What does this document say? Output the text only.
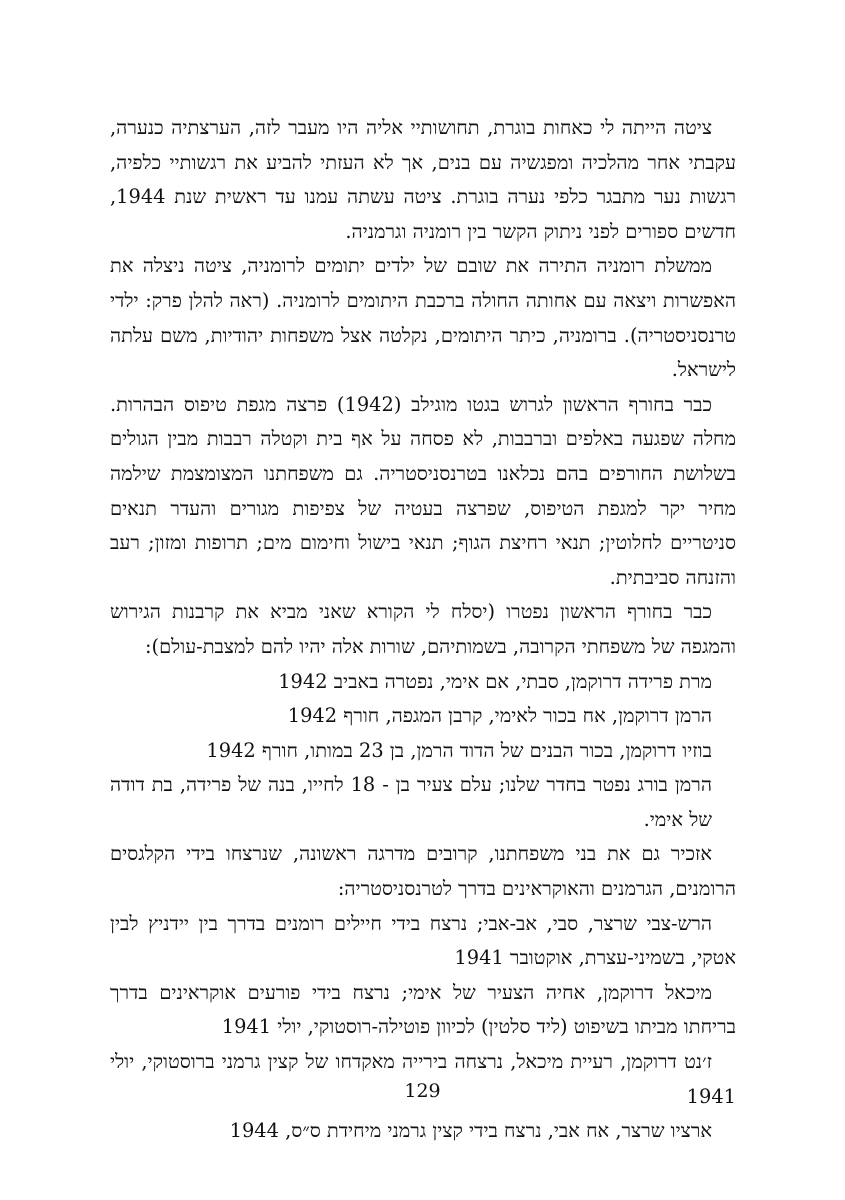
ציטה הייתה לי כאחות בוגרת, תחושותיי אליה היו מעבר לזה, הערצתיה כנערה, עקבתי אחר מהלכיה ומפגשיה עם בנים, אך לא העזתי להביע את רגשותיי כלפיה, רגשות נער מתבגר כלפי נערה בוגרת. ציטה עשתה עמנו עד ראשית שנת 1944, חדשים ספורים לפני ניתוק הקשר בין רומניה וגרמניה.

ממשלת רומניה התירה את שובם של ילדים יתומים לרומניה, ציטה ניצלה את האפשרות ויצאה עם אחותה החולה ברכבת היתומים לרומניה. (ראה להלן פרק: ילדי טרנסניסטריה). ברומניה, כיתר היתומים, נקלטה אצל משפחות יהודיות, משם עלתה לישראל.

כבר בחורף הראשון לגרוש בגטו מוגילב (1942) פרצה מגפת טיפוס הבהרות. מחלה שפגעה באלפים וברבבות, לא פסחה על אף בית וקטלה רבבות מבין הגולים בשלושת החורפים בהם נכלאנו בטרנסניסטריה. גם משפחתנו המצומצמת שילמה מחיר יקר למגפת הטיפוס, שפרצה בעטיה של צפיפות מגורים והעדר תנאים סניטריים לחלוטין; תנאי רחיצת הגוף; תנאי בישול וחימום מים; תרופות ומזון; רעב והזנחה סביבתית.

כבר בחורף הראשון נפטרו (יסלח לי הקורא שאני מביא את קרבנות הגירוש והמגפה של משפחתי הקרובה, בשמותיהם, שורות אלה יהיו להם למצבת-עולם):

מרת פרידה דרוקמן, סבתי, אם אימי, נפטרה באביב 1942

הרמן דרוקמן, אח בכור לאימי, קרבן המגפה, חורף 1942

בוזיו דרוקמן, בכור הבנים של הדוד הרמן, בן 23 במותו, חורף 1942

הרמן בורג נפטר בחדר שלנו; עלם צעיר בן - 18 לחייו, בנה של פרידה, בת דודה של אימי.

אזכיר גם את בני משפחתנו, קרובים מדרגה ראשונה, שנרצחו בידי הקלגסים הרומנים, הגרמנים והאוקראינים בדרך לטרנסניסטריה:

הרש-צבי שרצר, סבי, אב-אבי; נרצח בידי חיילים רומנים בדרך בין יידניץ לבין אטקי, בשמיני-עצרת, אוקטובר 1941

מיכאל דרוקמן, אחיה הצעיר של אימי; נרצח בידי פורעים אוקראינים בדרך בריחתו מביתו בשיפוט (ליד סלטין) לכיוון פוטילה-רוסטוקי, יולי 1941

ז׳נט דרוקמן, רעיית מיכאל, נרצחה בירייה מאקדחו של קצין גרמני ברוסטוקי, יולי 1941

ארציו שרצר, אח אבי, נרצח בידי קצין גרמני מיחידת ס״ס, 1944

129
